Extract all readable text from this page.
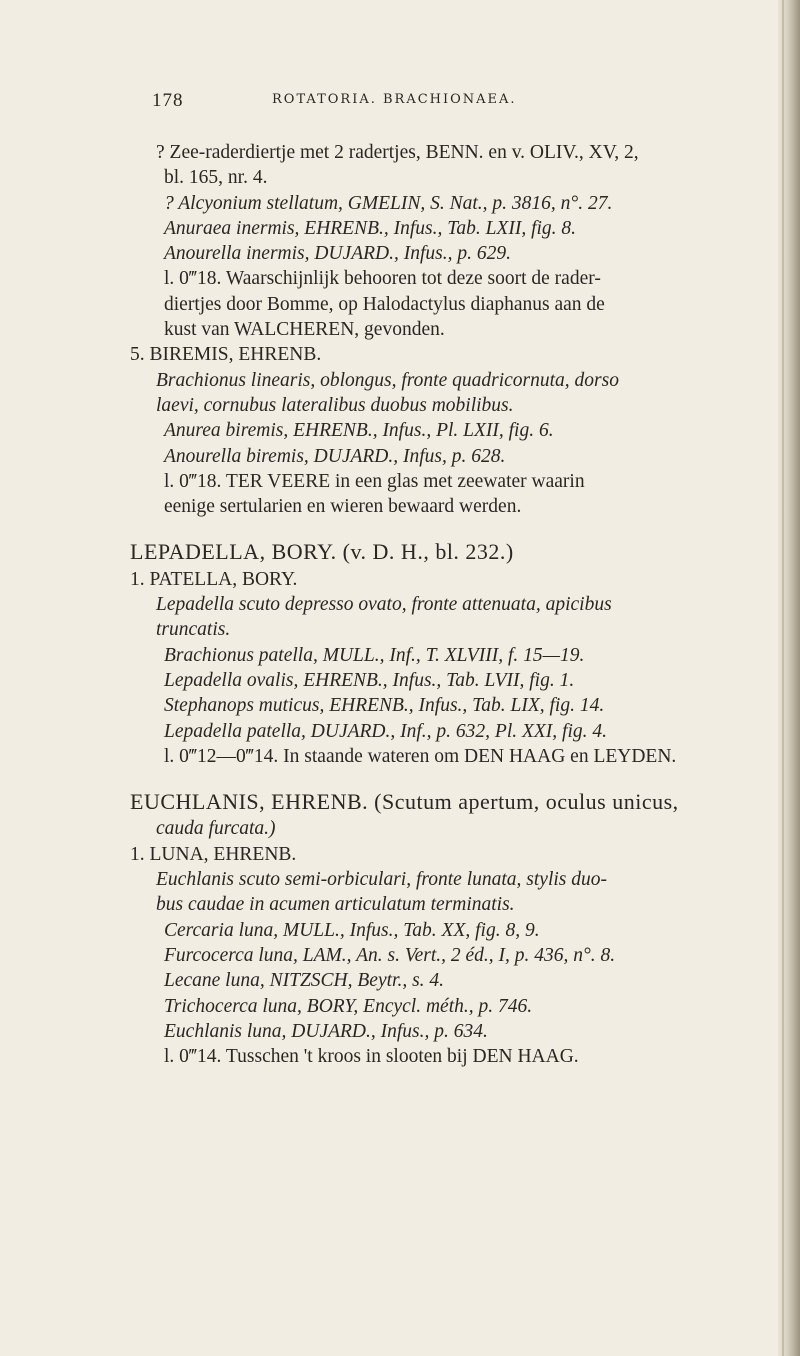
178	ROTATORIA. BRACHIONAEA.
? Zee-raderdiertje met 2 radertjes, BENN. en v. OLIV., XV, 2,
bl. 165, nr. 4.
? Alcyonium stellatum, GMELIN, S. Nat., p. 3816, n°. 27.
Anuraea inermis, EHRENB., Infus., Tab. LXII, fig. 8.
Anourella inermis, DUJARD., Infus., p. 629.
l. 0‴18. Waarschijnlijk behooren tot deze soort de rader-
diertjes door Bomme, op Halodactylus diaphanus aan de
kust van WALCHEREN, gevonden.
5. BIREMIS, EHRENB.
Brachionus linearis, oblongus, fronte quadricornuta, dorso
laevi, cornubus lateralibus duobus mobilibus.
Anurea biremis, EHRENB., Infus., Pl. LXII, fig. 6.
Anourella biremis, DUJARD., Infus, p. 628.
l. 0‴18. TER VEERE in een glas met zeewater waarin
eenige sertularien en wieren bewaard werden.
LEPADELLA, BORY. (v. D. H., bl. 232.)
1. PATELLA, BORY.
Lepadella scuto depresso ovato, fronte attenuata, apicibus
truncatis.
Brachionus patella, MULL., Inf., T. XLVIII, f. 15—19.
Lepadella ovalis, EHRENB., Infus., Tab. LVII, fig. 1.
Stephanops muticus, EHRENB., Infus., Tab. LIX, fig. 14.
Lepadella patella, DUJARD., Inf., p. 632, Pl. XXI, fig. 4.
l. 0‴12—0‴14. In staande wateren om DEN HAAG en LEYDEN.
EUCHLANIS, EHRENB. (Scutum apertum, oculus unicus,
cauda furcata.)
1. LUNA, EHRENB.
Euchlanis scuto semi-orbiculari, fronte lunata, stylis duo-
bus caudae in acumen articulatum terminatis.
Cercaria luna, MULL., Infus., Tab. XX, fig. 8, 9.
Furcocerca luna, LAM., An. s. Vert., 2 éd., I, p. 436, n°. 8.
Lecane luna, NITZSCH, Beytr., s. 4.
Trichocerca luna, BORY, Encycl. méth., p. 746.
Euchlanis luna, DUJARD., Infus., p. 634.
l. 0‴14. Tusschen 't kroos in slooten bij DEN HAAG.
